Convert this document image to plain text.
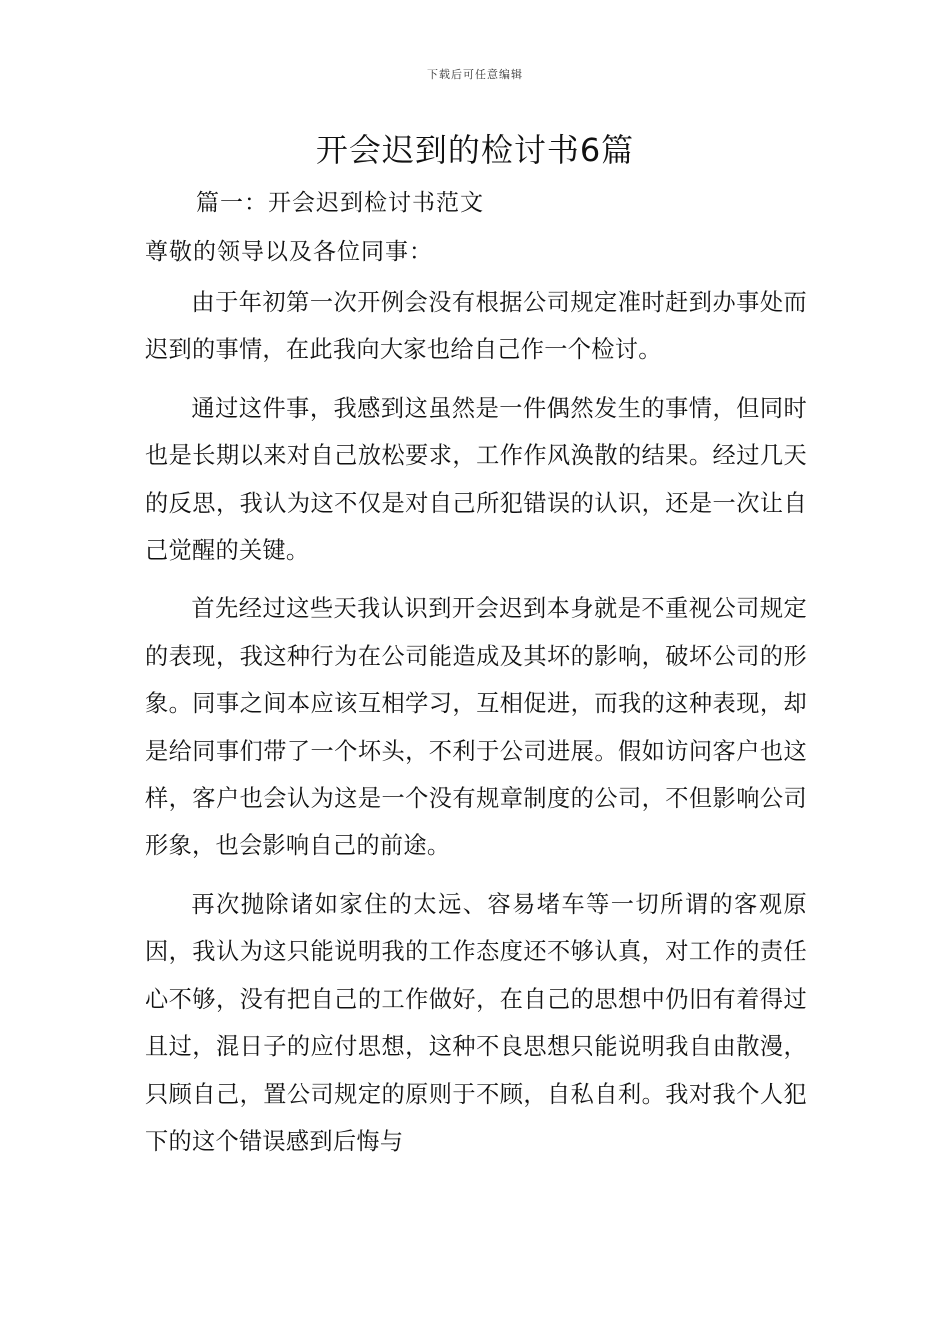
下载后可任意编辑
开会迟到的检讨书6篇
篇一：开会迟到检讨书范文
尊敬的领导以及各位同事：

由于年初第一次开例会没有根据公司规定准时赶到办事处而迟到的事情，在此我向大家也给自己作一个检讨。

通过这件事，我感到这虽然是一件偶然发生的事情，但同时也是长期以来对自己放松要求，工作作风涣散的结果。经过几天的反思，我认为这不仅是对自己所犯错误的认识，还是一次让自己觉醒的关键。

首先经过这些天我认识到开会迟到本身就是不重视公司规定的表现，我这种行为在公司能造成及其坏的影响，破坏公司的形象。同事之间本应该互相学习，互相促进，而我的这种表现，却是给同事们带了一个坏头，不利于公司进展。假如访问客户也这样，客户也会认为这是一个没有规章制度的公司，不但影响公司形象，也会影响自己的前途。

再次抛除诸如家住的太远、容易堵车等一切所谓的客观原因，我认为这只能说明我的工作态度还不够认真，对工作的责任心不够，没有把自己的工作做好，在自己的思想中仍旧有着得过且过，混日子的应付思想，这种不良思想只能说明我自由散漫，只顾自己，置公司规定的原则于不顾，自私自利。我对我个人犯下的这个错误感到后悔与
